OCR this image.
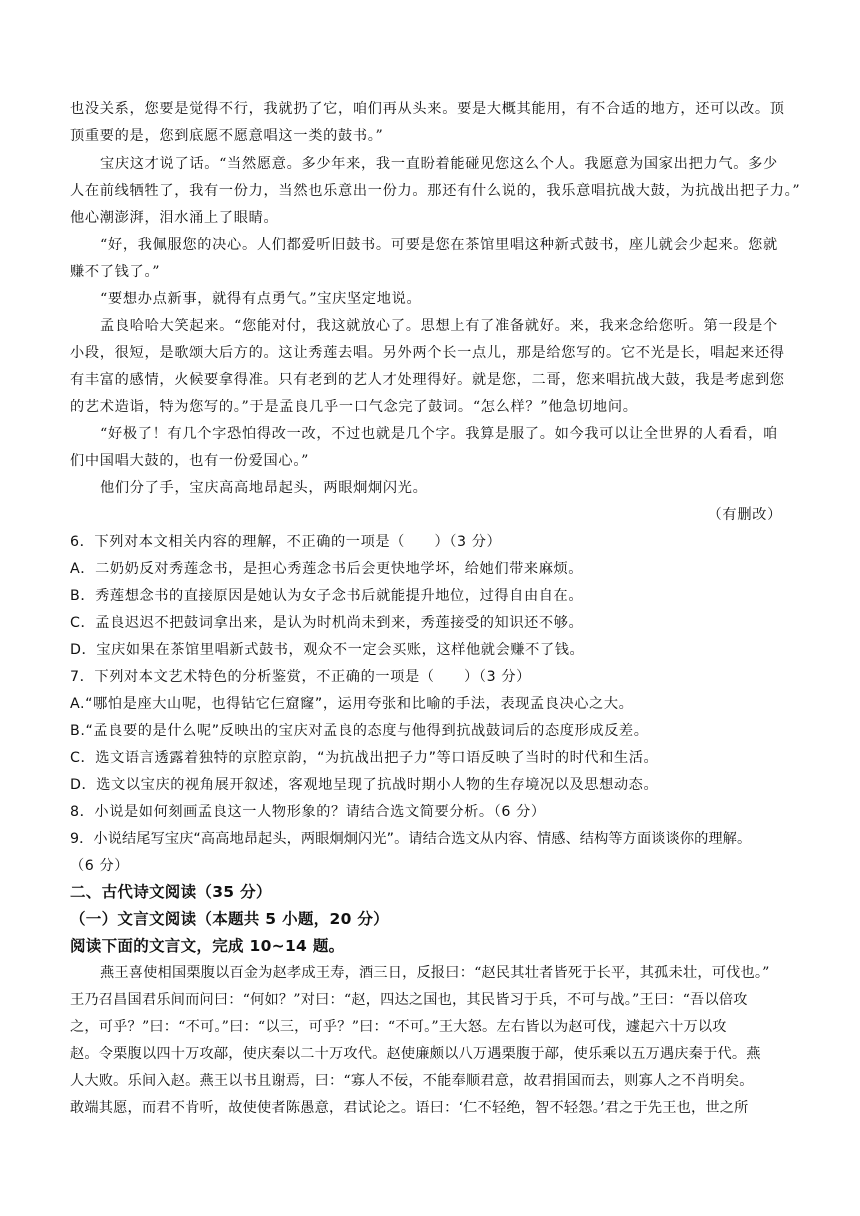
也没关系，您要是觉得不行，我就扔了它，咱们再从头来。要是大概其能用，有不合适的地方，还可以改。顶
顶重要的是，您到底愿不愿意唱这一类的鼓书。”
宝庆这才说了话。“当然愿意。多少年来，我一直盼着能碰见您这么个人。我愿意为国家出把力气。多少
人在前线牺牲了，我有一份力，当然也乐意出一份力。那还有什么说的，我乐意唱抗战大鼓，为抗战出把子力。”
他心潮澎湃，泪水涌上了眼睛。
“好，我佩服您的决心。人们都爱听旧鼓书。可要是您在茶馆里唱这种新式鼓书，座儿就会少起来。您就
赚不了钱了。”
“要想办点新事，就得有点勇气。”宝庆坚定地说。
孟良哈哈大笑起来。“您能对付，我这就放心了。思想上有了准备就好。来，我来念给您听。第一段是个
小段，很短，是歌颂大后方的。这让秀莲去唱。另外两个长一点儿，那是给您写的。它不光是长，唱起来还得
有丰富的感情，火候要拿得准。只有老到的艺人才处理得好。就是您，二哥，您来唱抗战大鼓，我是考虑到您
的艺术造诣，特为您写的。”于是孟良几乎一口气念完了鼓词。“怎么样？”他急切地问。
“好极了！有几个字恐怕得改一改，不过也就是几个字。我算是服了。如今我可以让全世界的人看看，咱
们中国唱大鼓的，也有一份爱国心。”
他们分了手，宝庆高高地昂起头，两眼炯炯闪光。
（有删改）
6．下列对本文相关内容的理解，不正确的一项是（　　）（3 分）
A．二奶奶反对秀莲念书，是担心秀莲念书后会更快地学坏，给她们带来麻烦。
B．秀莲想念书的直接原因是她认为女子念书后就能提升地位，过得自由自在。
C．孟良迟迟不把鼓词拿出来，是认为时机尚未到来，秀莲接受的知识还不够。
D．宝庆如果在茶馆里唱新式鼓书，观众不一定会买账，这样他就会赚不了钱。
7．下列对本文艺术特色的分析鉴赏，不正确的一项是（　　）（3 分）
A.“哪怕是座大山呢，也得钻它仨窟窿”，运用夸张和比喻的手法，表现孟良决心之大。
B.“孟良要的是什么呢”反映出的宝庆对孟良的态度与他得到抗战鼓词后的态度形成反差。
C．选文语言透露着独特的京腔京韵，“为抗战出把子力”等口语反映了当时的时代和生活。
D．选文以宝庆的视角展开叙述，客观地呈现了抗战时期小人物的生存境况以及思想动态。
8．小说是如何刻画孟良这一人物形象的？请结合选文简要分析。（6 分）
9．小说结尾写宝庆“高高地昂起头，两眼炯炯闪光”。请结合选文从内容、情感、结构等方面谈谈你的理解。
（6 分）
二、古代诗文阅读（35 分）
（一）文言文阅读（本题共 5 小题，20 分）
阅读下面的文言文，完成 10~14 题。
燕王喜使相国栗腹以百金为赵孝成王寿，酒三日，反报曰：“赵民其壮者皆死于长平，其孤未壮，可伐也。”
王乃召昌国君乐间而问曰：“何如？”对曰：“赵，四达之国也，其民皆习于兵，不可与战。”王曰：“吾以倍攻
之，可乎？”曰：“不可。”曰：“以三，可乎？”曰：“不可。”王大怒。左右皆以为赵可伐，遽起六十万以攻
赵。令栗腹以四十万攻鄗，使庆秦以二十万攻代。赵使廉颇以八万遇栗腹于鄗，使乐乘以五万遇庆秦于代。燕
人大败。乐间入赵。燕王以书且谢焉，曰：“寡人不佞，不能奉顺君意，故君捐国而去，则寡人之不肖明矣。
敢端其愿，而君不肯听，故使使者陈愚意，君试论之。语曰：‘仁不轻绝，智不轻怨。’君之于先王也，世之所
